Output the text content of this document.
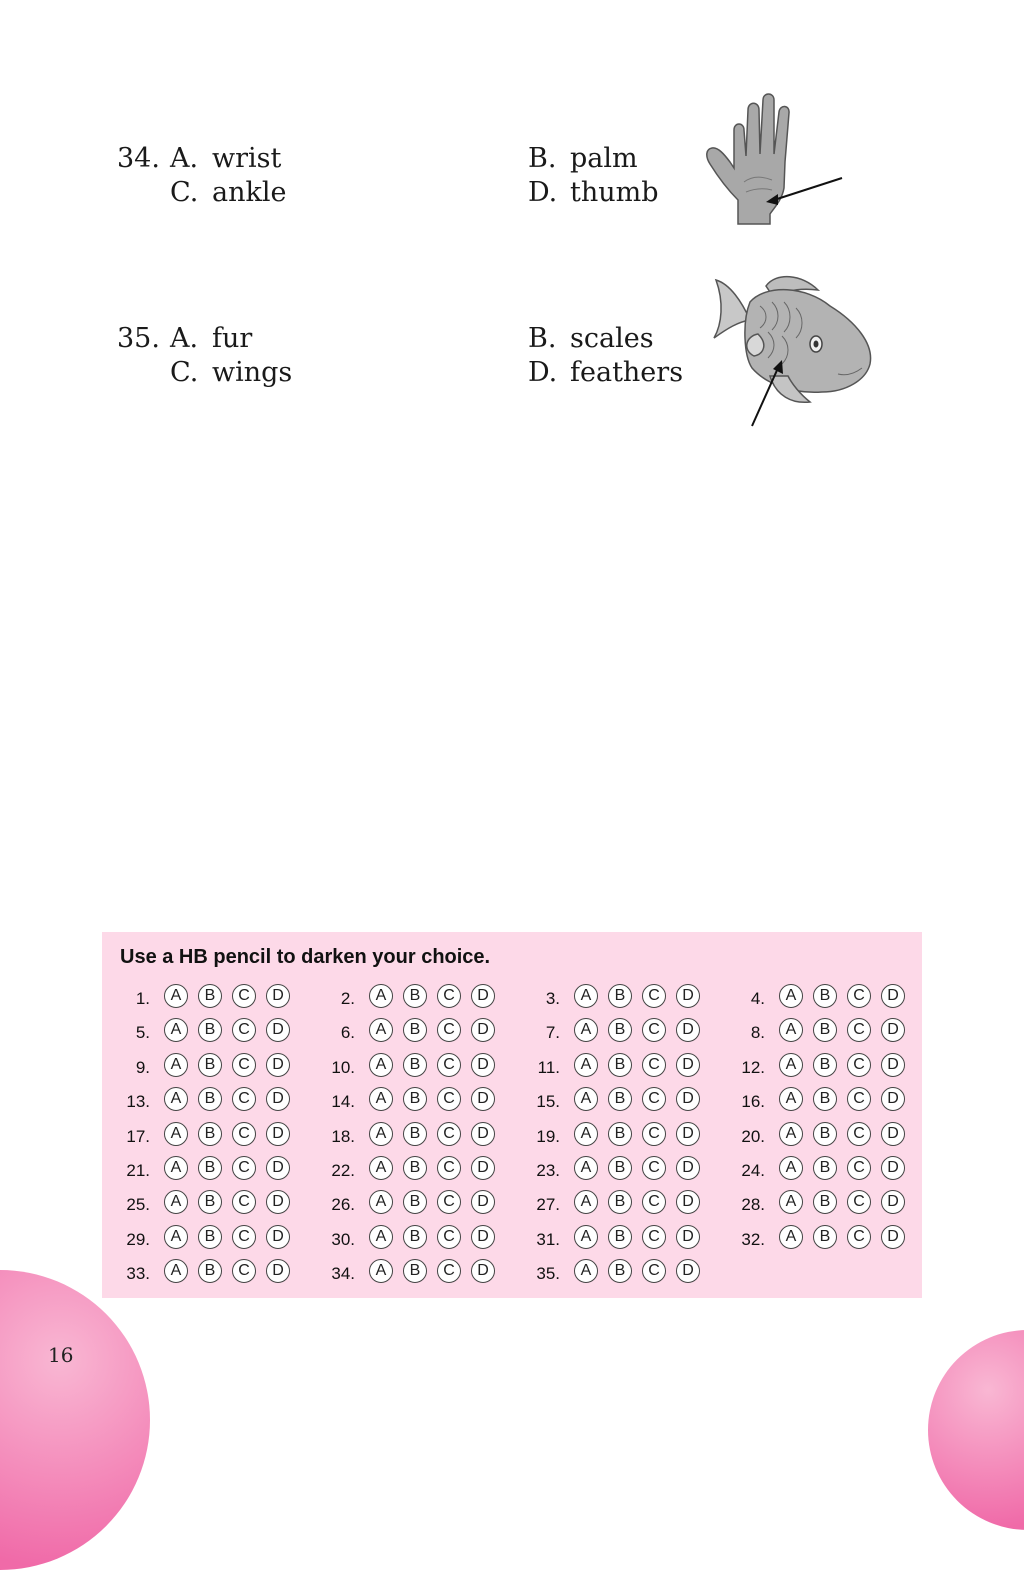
34. A. wrist	B. palm
C. ankle	D. thumb
35. A. fur	B. scales
C. wings	D. feathers
Use a HB pencil to darken your choice.
1.	A	B	C	D	2.	A	B	C	D	3.	A	B	C	D	4.	A	B	C	D
5.	A	B	C	D	6.	A	B	C	D	7.	A	B	C	D	8.	A	B	C	D
9.	A	B	C	D	10.	A	B	C	D	11.	A	B	C	D	12.	A	B	C	D
13.	A	B	C	D	14.	A	B	C	D	15.	A	B	C	D	16.	A	B	C	D
17.	A	B	C	D	18.	A	B	C	D	19.	A	B	C	D	20.	A	B	C	D
21.	A	B	C	D	22.	A	B	C	D	23.	A	B	C	D	24.	A	B	C	D
25.	A	B	C	D	26.	A	B	C	D	27.	A	B	C	D	28.	A	B	C	D
29.	A	B	C	D	30.	A	B	C	D	31.	A	B	C	D	32.	A	B	C	D
33.	A	B	C	D	34.	A	B	C	D	35.	A	B	C	D
16
